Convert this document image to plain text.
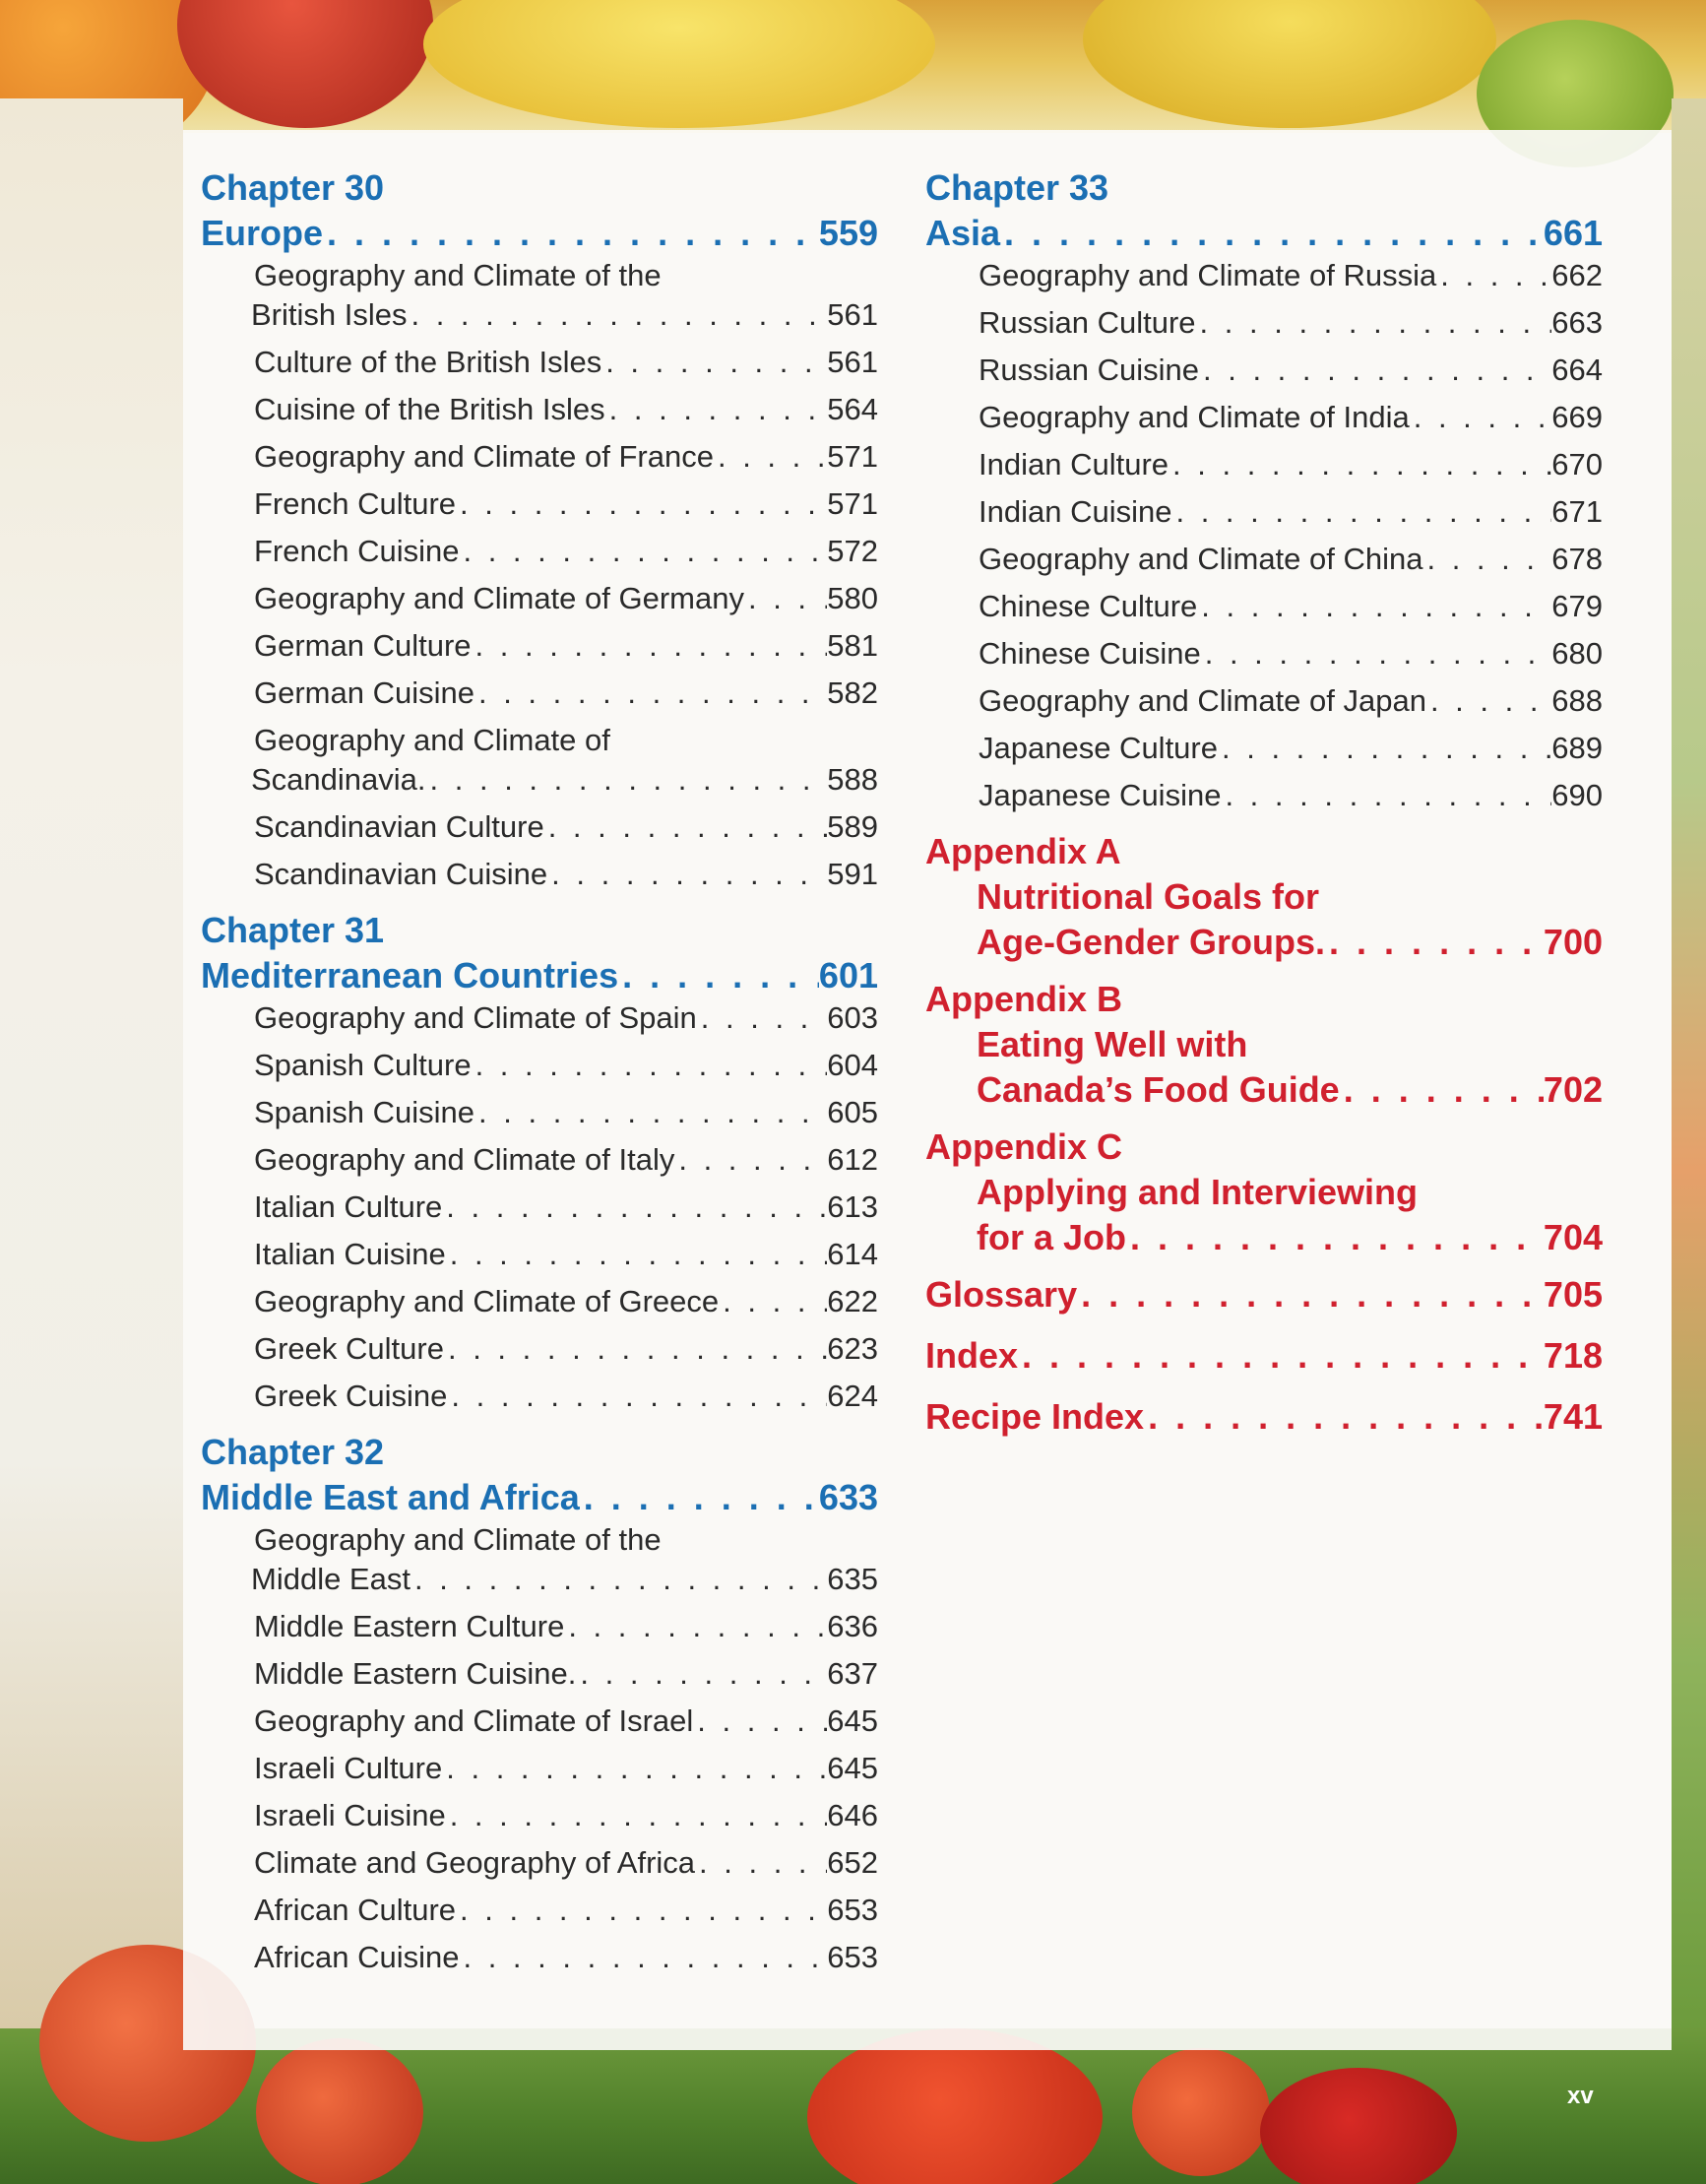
Chapter 30
Europe . . .	559
Geography and Climate of the
British Isles . . .	561
Culture of the British Isles . . .	561
Cuisine of the British Isles . . .	564
Geography and Climate of France . . .	571
French Culture . . .	571
French Cuisine . . .	572
Geography and Climate of Germany . . .	580
German Culture . . .	581
German Cuisine . . .	582
Geography and Climate of
Scandinavia. . . .	588
Scandinavian Culture . . .	589
Scandinavian Cuisine . . .	591
Chapter 31
Mediterranean Countries . . .	601
Geography and Climate of Spain . . .	603
Spanish Culture . . .	604
Spanish Cuisine . . .	605
Geography and Climate of Italy . . .	612
Italian Culture . . .	613
Italian Cuisine . . .	614
Geography and Climate of Greece . . .	622
Greek Culture . . .	623
Greek Cuisine . . .	624
Chapter 32
Middle East and Africa . . .	633
Geography and Climate of the
Middle East . . .	635
Middle Eastern Culture . . .	636
Middle Eastern Cuisine. . . .	637
Geography and Climate of Israel . . .	645
Israeli Culture . . .	645
Israeli Cuisine . . .	646
Climate and Geography of Africa . . .	652
African Culture . . .	653
African Cuisine . . .	653
Chapter 33
Asia . . .	661
Geography and Climate of Russia . . .	662
Russian Culture . . .	663
Russian Cuisine . . .	664
Geography and Climate of India . . .	669
Indian Culture . . .	670
Indian Cuisine . . .	671
Geography and Climate of China . . .	678
Chinese Culture . . .	679
Chinese Cuisine . . .	680
Geography and Climate of Japan . . .	688
Japanese Culture . . .	689
Japanese Cuisine . . .	690
Appendix A
Nutritional Goals for
Age-Gender Groups. . . .	700
Appendix B
Eating Well with
Canada’s Food Guide . . .	702
Appendix C
Applying and Interviewing
for a Job . . .	704
Glossary . . .	705
Index . . .	718
Recipe Index . . .	741
xv
